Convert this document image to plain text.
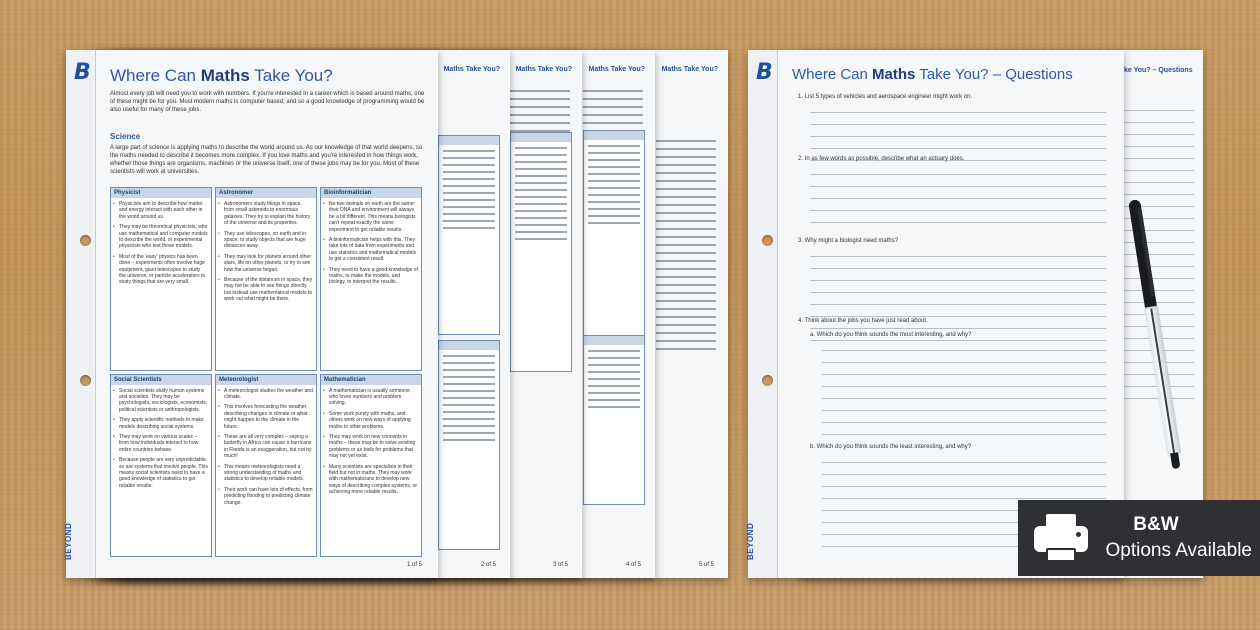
Maths Take You?
5 of 5
Maths Take You?
4 of 5
Maths Take You?
3 of 5
Maths Take You?
2 of 5
B
BEYOND
Where Can Maths Take You?
Almost every job will need you to work with numbers. If you're interested in a career which is based around maths, one of these might be for you. Most modern maths is computer based, and so a good knowledge of programming would be also useful for many of these jobs.
Science
A large part of science is applying maths to describe the world around us. As our knowledge of that world deepens, so the maths needed to describe it becomes more complex. If you love maths and you're interested in how things work, whether those things are organisms, machines or the universe itself, one of these jobs may be for you. Most of these scientists will work at universities.
Physicist
• Physicists aim to describe how matter and energy interact with each other in the world around us.
• They may be theoretical physicists, who use mathematical and computer models to describe the world, or experimental physicists who test those models.
• Most of the 'easy' physics has been done – experiments often involve huge equipment, giant telescopes to study the universe, or particle accelerators to study things that are very small.
Astronomer
• Astronomers study things in space, from small asteroids to enormous galaxies. They try to explain the history of the universe and its properties.
• They use telescopes, on earth and in space, to study objects that are huge distances away.
• They may look for planets around other stars, life on other planets, or try to see how the universe began.
• Because of the distances in space, they may not be able to see things directly, but instead use mathematical models to work out what might be there.
Bioinformatician
• No two animals on earth are the same: their DNA and environment will always be a bit different. This means biologists can't repeat exactly the same experiment to get reliable results.
• A bioinformatician helps with this. They take lots of data from experiments and use statistics and mathematical models to get a consistent result.
• They need to have a good knowledge of maths, to make the models, and biology, to interpret the results.
Social Scientists
• Social scientists study human systems and societies. They may be psychologists, sociologists, economists, political scientists or anthropologists.
• They apply scientific methods to make models describing social systems.
• They may work on various scales – from how individuals interact to how entire countries behave.
• Because people are very unpredictable, so are systems that involve people. This means social scientists need to have a good knowledge of statistics to get reliable results.
Meteorologist
• A meteorologist studies the weather and climate.
• This involves forecasting the weather, describing changes in climate or what might happen to the climate in the future.
• These are all very complex – saying a butterfly in Africa can cause a hurricane in Florida is an exaggeration, but not by much!
• This means meteorologists need a strong understanding of maths and statistics to develop reliable models.
• Their work can have lots of effects, from predicting flooding to predicting climate change.
Mathematician
• A mathematician is usually someone who loves numbers and problem solving.
• Some work purely with maths, and others work on new ways of applying maths to other problems.
• They may work on new concepts in maths – these may be to solve existing problems or as tools for problems that may not yet exist.
• Many scientists are specialists in their field but not in maths. They may work with mathematicians to develop new ways of describing complex systems, or achieving more reliable results.
1 of 5
ke You? – Questions
B
BEYOND
Where Can Maths Take You? – Questions
1. List 5 types of vehicles and aerospace engineer might work on.
2. In as few words as possible, describe what an actuary does.
3. Why might a biologist need maths?
4. Think about the jobs you have just read about.
a. Which do you think sounds the most interesting, and why?
b. Which do you think sounds the least interesting, and why?
B&W
Options Available
